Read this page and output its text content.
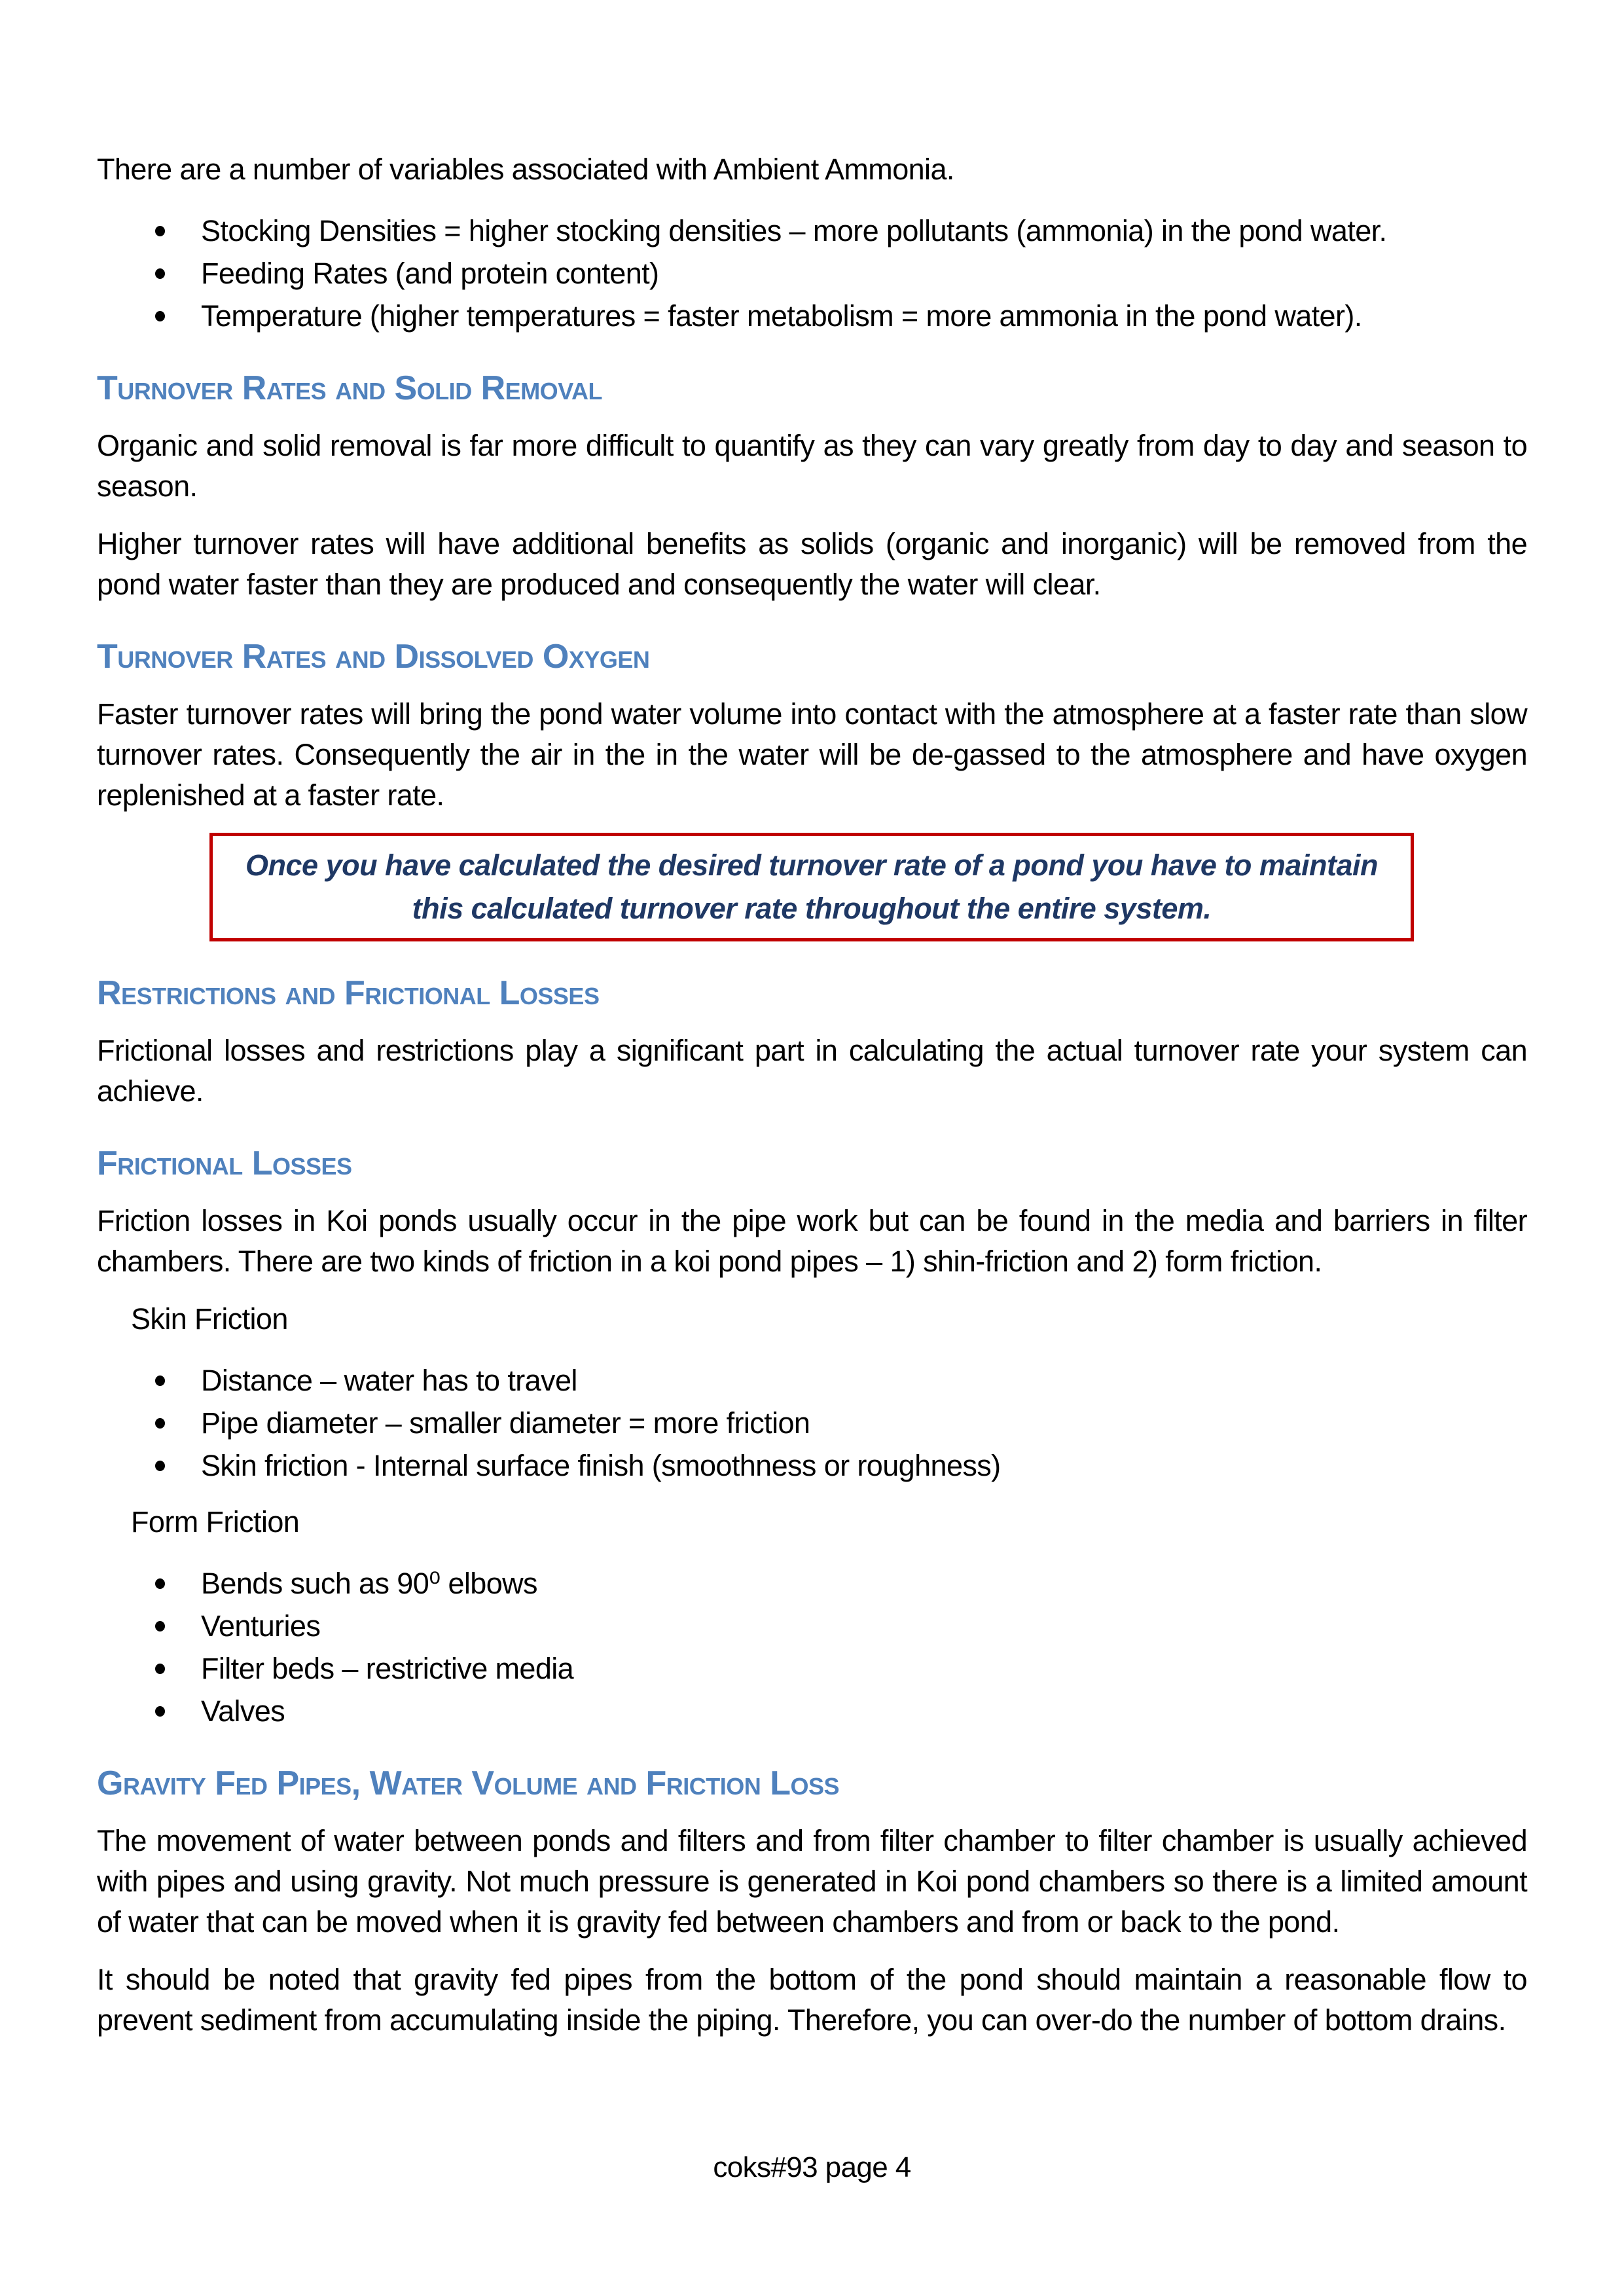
There are a number of variables associated with Ambient Ammonia.

Stocking Densities = higher stocking densities – more pollutants (ammonia) in the pond water.
Feeding Rates (and protein content)
Temperature (higher temperatures = faster metabolism = more ammonia in the pond water).
Turnover Rates and Solid Removal

Organic and solid removal is far more difficult to quantify as they can vary greatly from day to day and season to season.

Higher turnover rates will have additional benefits as solids (organic and inorganic) will be removed from the pond water faster than they are produced and consequently the water will clear.

Turnover Rates and Dissolved Oxygen

Faster turnover rates will bring the pond water volume into contact with the atmosphere at a faster rate than slow turnover rates. Consequently the air in the in the water will be de-gassed to the atmosphere and have oxygen replenished at a faster rate.

Once you have calculated the desired turnover rate of a pond you have to maintain this calculated turnover rate throughout the entire system.

Restrictions and Frictional Losses

Frictional losses and restrictions play a significant part in calculating the actual turnover rate your system can achieve.

Frictional Losses

Friction losses in Koi ponds usually occur in the pipe work but can be found in the media and barriers in filter chambers. There are two kinds of friction in a koi pond pipes – 1) shin-friction and 2) form friction.

Skin Friction

Distance – water has to travel
Pipe diameter – smaller diameter = more friction
Skin friction - Internal surface finish (smoothness or roughness)

Form Friction

Bends such as 90⁰ elbows
Venturies
Filter beds – restrictive media
Valves
Gravity Fed Pipes, Water Volume and Friction Loss

The movement of water between ponds and filters and from filter chamber to filter chamber is usually achieved with pipes and using gravity. Not much pressure is generated in Koi pond chambers so there is a limited amount of water that can be moved when it is gravity fed between chambers and from or back to the pond.

It should be noted that gravity fed pipes from the bottom of the pond should maintain a reasonable flow to prevent sediment from accumulating inside the piping. Therefore, you can over-do the number of bottom drains.

coks#93 page 4
